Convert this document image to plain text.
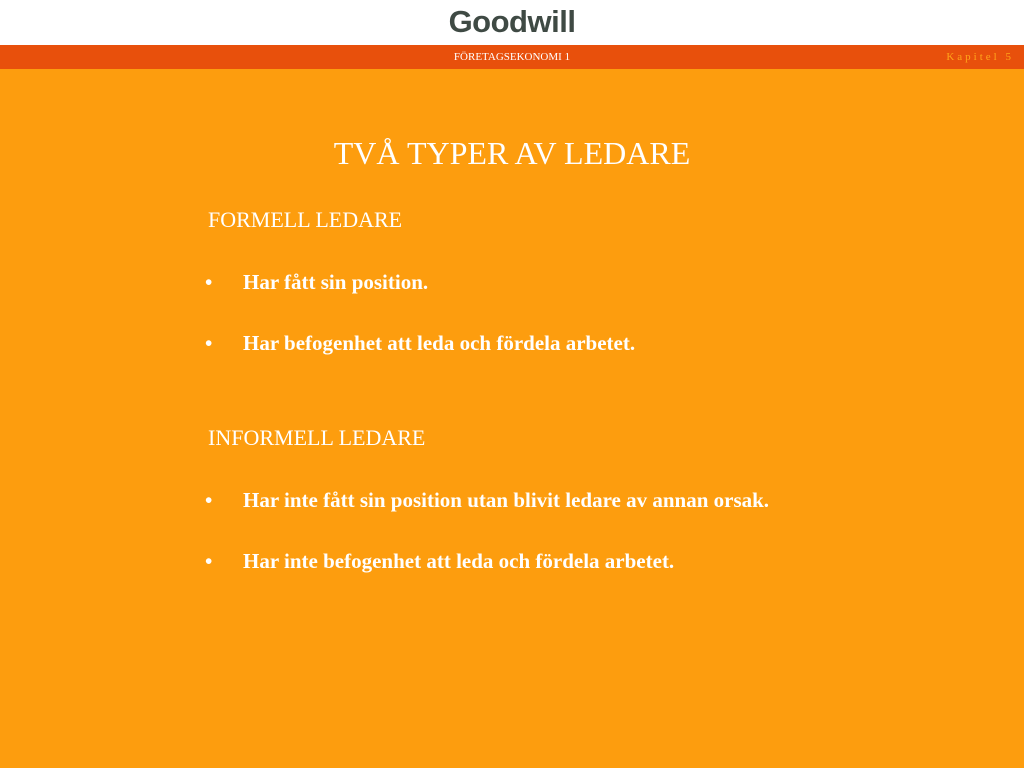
Goodwill
FÖRETAGSEKONOMI 1	Kapitel 5
TVÅ TYPER AV LEDARE
FORMELL LEDARE
•	Har fått sin position.
•	Har befogenhet att leda och fördela arbetet.
INFORMELL LEDARE
•	Har inte fått sin position utan blivit ledare av annan orsak.
•	Har inte befogenhet att leda och fördela arbetet.
